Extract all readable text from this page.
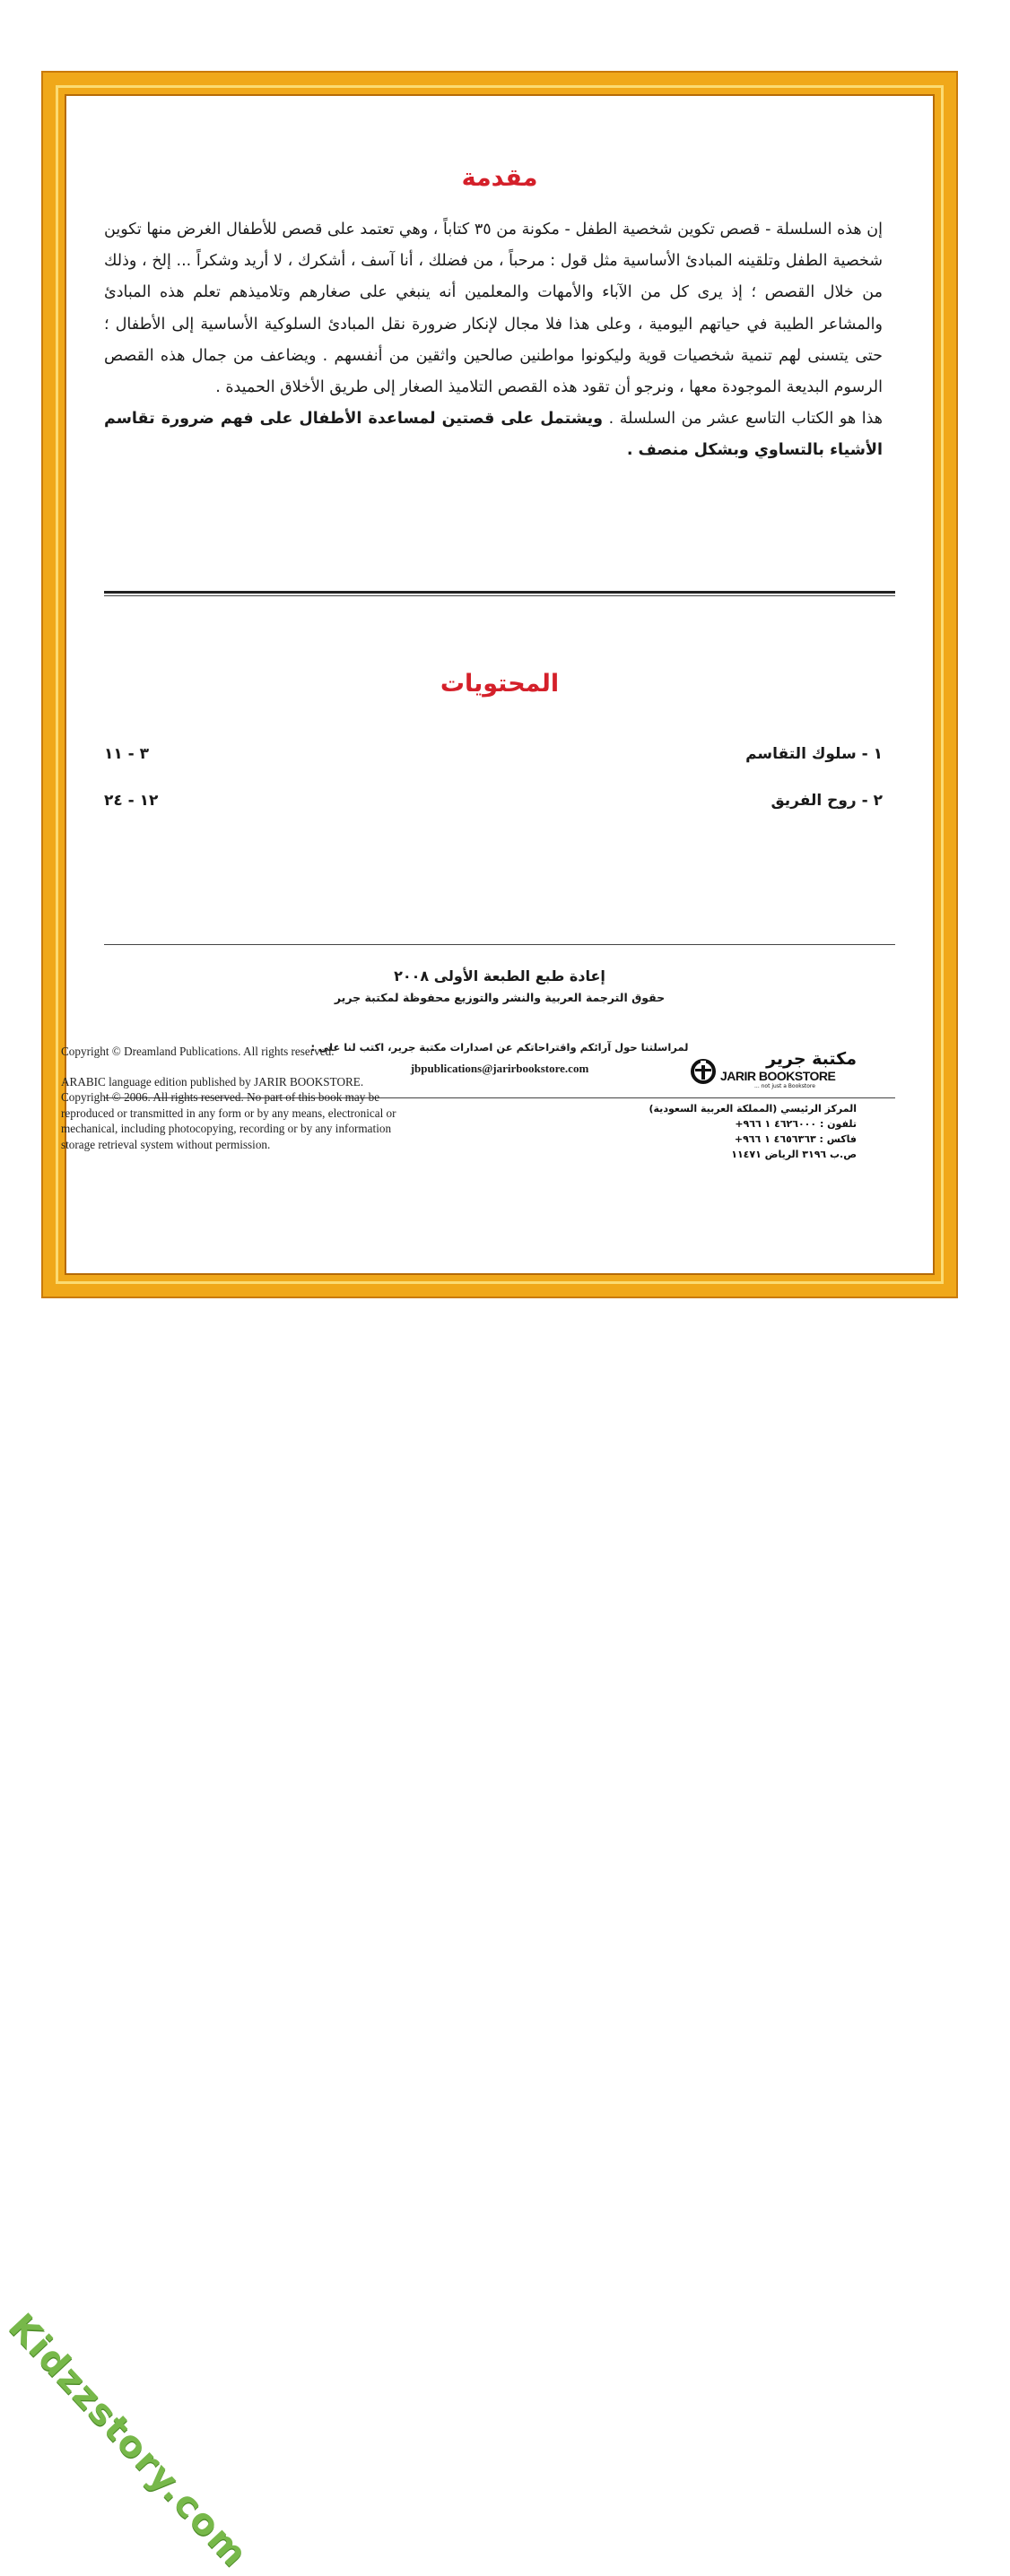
مقدمة
إن هذه السلسلة - قصص تكوين شخصية الطفل - مكونة من ٣٥ كتاباً ، وهي تعتمد على قصص للأطفال الغرض منها تكوين شخصية الطفل وتلقينه المبادئ الأساسية مثل قول : مرحباً ، من فضلك ، أنا آسف ، أشكرك ، لا أريد وشكراً ... إلخ ، وذلك من خلال القصص ؛ إذ يرى كل من الآباء والأمهات والمعلمين أنه ينبغي على صغارهم وتلاميذهم تعلم هذه المبادئ والمشاعر الطيبة في حياتهم اليومية ، وعلى هذا فلا مجال لإنكار ضرورة نقل المبادئ السلوكية الأساسية إلى الأطفال ؛ حتى يتسنى لهم تنمية شخصيات قوية وليكونوا مواطنين صالحين واثقين من أنفسهم . ويضاعف من جمال هذه القصص الرسوم البديعة الموجودة معها ، ونرجو أن تقود هذه القصص التلاميذ الصغار إلى طريق الأخلاق الحميدة .
هذا هو الكتاب التاسع عشر من السلسلة . ويشتمل على قصتين لمساعدة الأطفال على فهم ضرورة تقاسم الأشياء بالتساوي وبشكل منصف .
المحتويات
١ - سلوك التقاسم
٣ - ١١
٢ - روح الفريق
١٢ - ٢٤
إعادة طبع الطبعة الأولى ٢٠٠٨
حقوق الترجمة العربية والنشر والتوزيع محفوظة لمكتبة جرير
لمراسلتنا حول آرائكم واقتراحاتكم عن اصدارات مكتبة جرير، اكتب لنا على :
jbpublications@jarirbookstore.com

Copyright © Dreamland Publications. All rights reserved.

ARABIC language edition published by JARIR BOOKSTORE.

Copyright © 2006. All rights reserved. No part of this book may be

reproduced or transmitted in any form or by any means, electronical or

mechanical, including photocopying, recording or by any information

storage retrieval system without permission.

مكتبة جرير
JARIR BOOKSTORE
... not just a Bookstore
المركز الرئيسي (المملكة العربية السعودية)
تلفون : ٤٦٢٦٠٠٠ ١ ٩٦٦+
فاكس : ٤٦٥٦٣٦٣ ١ ٩٦٦+
ص.ب ٣١٩٦ الرياض ١١٤٧١
Kidzzstory.com
